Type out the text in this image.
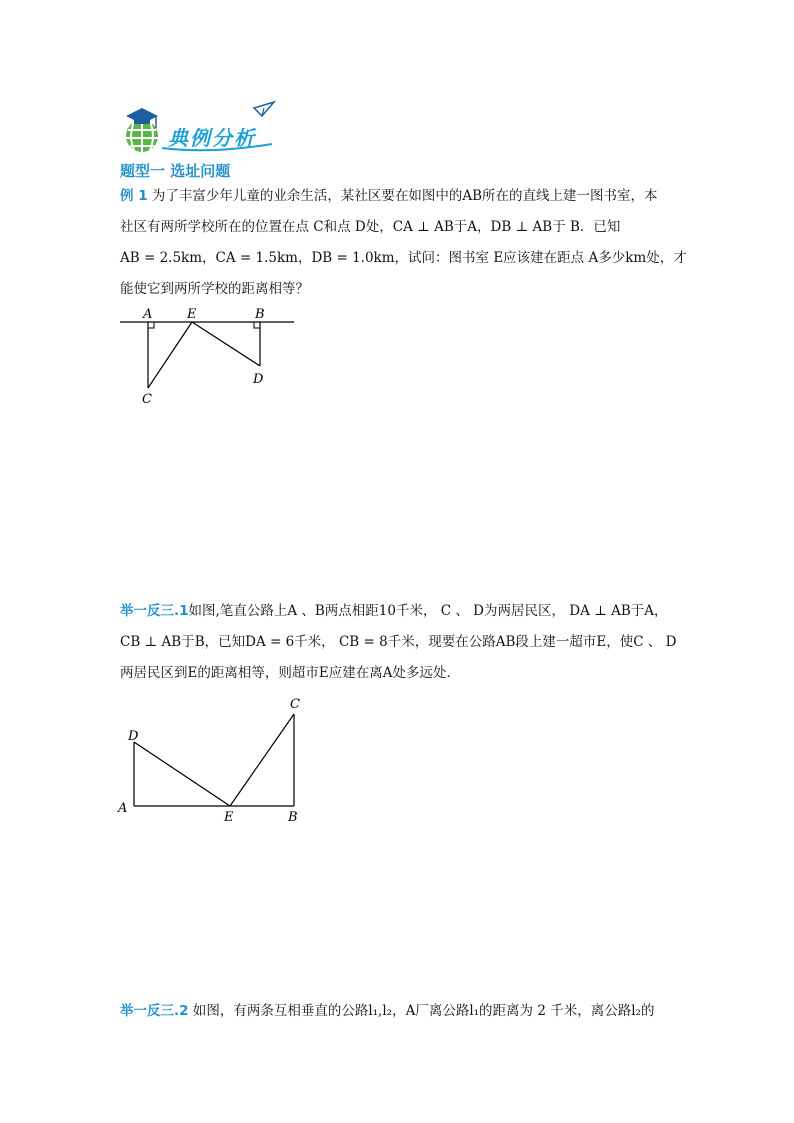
典例分析
题型一 选址问题
例 1 为了丰富少年儿童的业余生活，某社区要在如图中的AB所在的直线上建一图书室，本
社区有两所学校所在的位置在点 C和点 D处，CA ⊥ AB于A，DB ⊥ AB于 B．已知
AB = 2.5km，CA = 1.5km，DB = 1.0km，试问：图书室 E应该建在距点 A多少km处，才
能使它到两所学校的距离相等？
A	E	B
C
D
举一反三.1如图,笔直公路上A 、B两点相距10千米， C 、 D为两居民区， DA ⊥ AB于A，
CB ⊥ AB于B，已知DA = 6千米， CB = 8千米，现要在公路AB段上建一超市E，使C 、 D
两居民区到E的距离相等，则超市E应建在离A处多远处．
D
A
E	B
C
举一反三.2 如图，有两条互相垂直的公路l₁,l₂，A厂离公路l₁的距离为 2 千米，离公路l₂的
